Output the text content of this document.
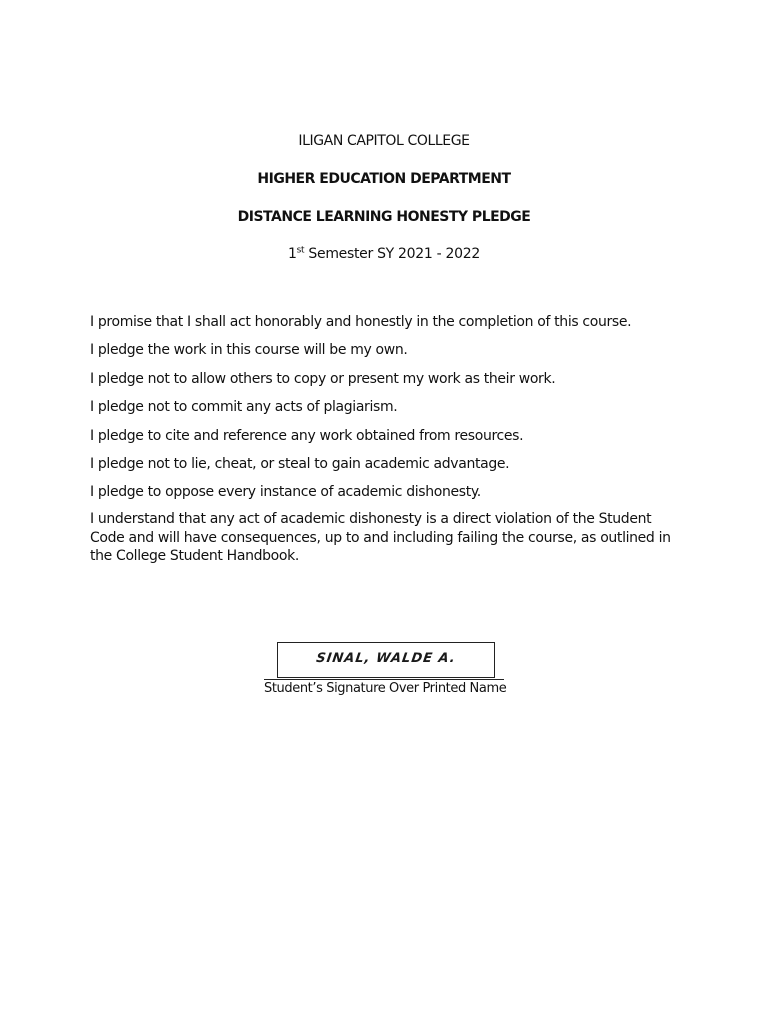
ILIGAN CAPITOL COLLEGE
HIGHER EDUCATION DEPARTMENT
DISTANCE LEARNING HONESTY PLEDGE
1st Semester SY 2021 - 2022
I promise that I shall act honorably and honestly in the completion of this course.
I pledge the work in this course will be my own.
I pledge not to allow others to copy or present my work as their work.
I pledge not to commit any acts of plagiarism.
I pledge to cite and reference any work obtained from resources.
I pledge not to lie, cheat, or steal to gain academic advantage.
I pledge to oppose every instance of academic dishonesty.

I understand that any act of academic dishonesty is a direct violation of the Student Code and will have consequences, up to and including failing the course, as outlined in the College Student Handbook.

SINAL, WALDE A.
Student’s Signature Over Printed Name
